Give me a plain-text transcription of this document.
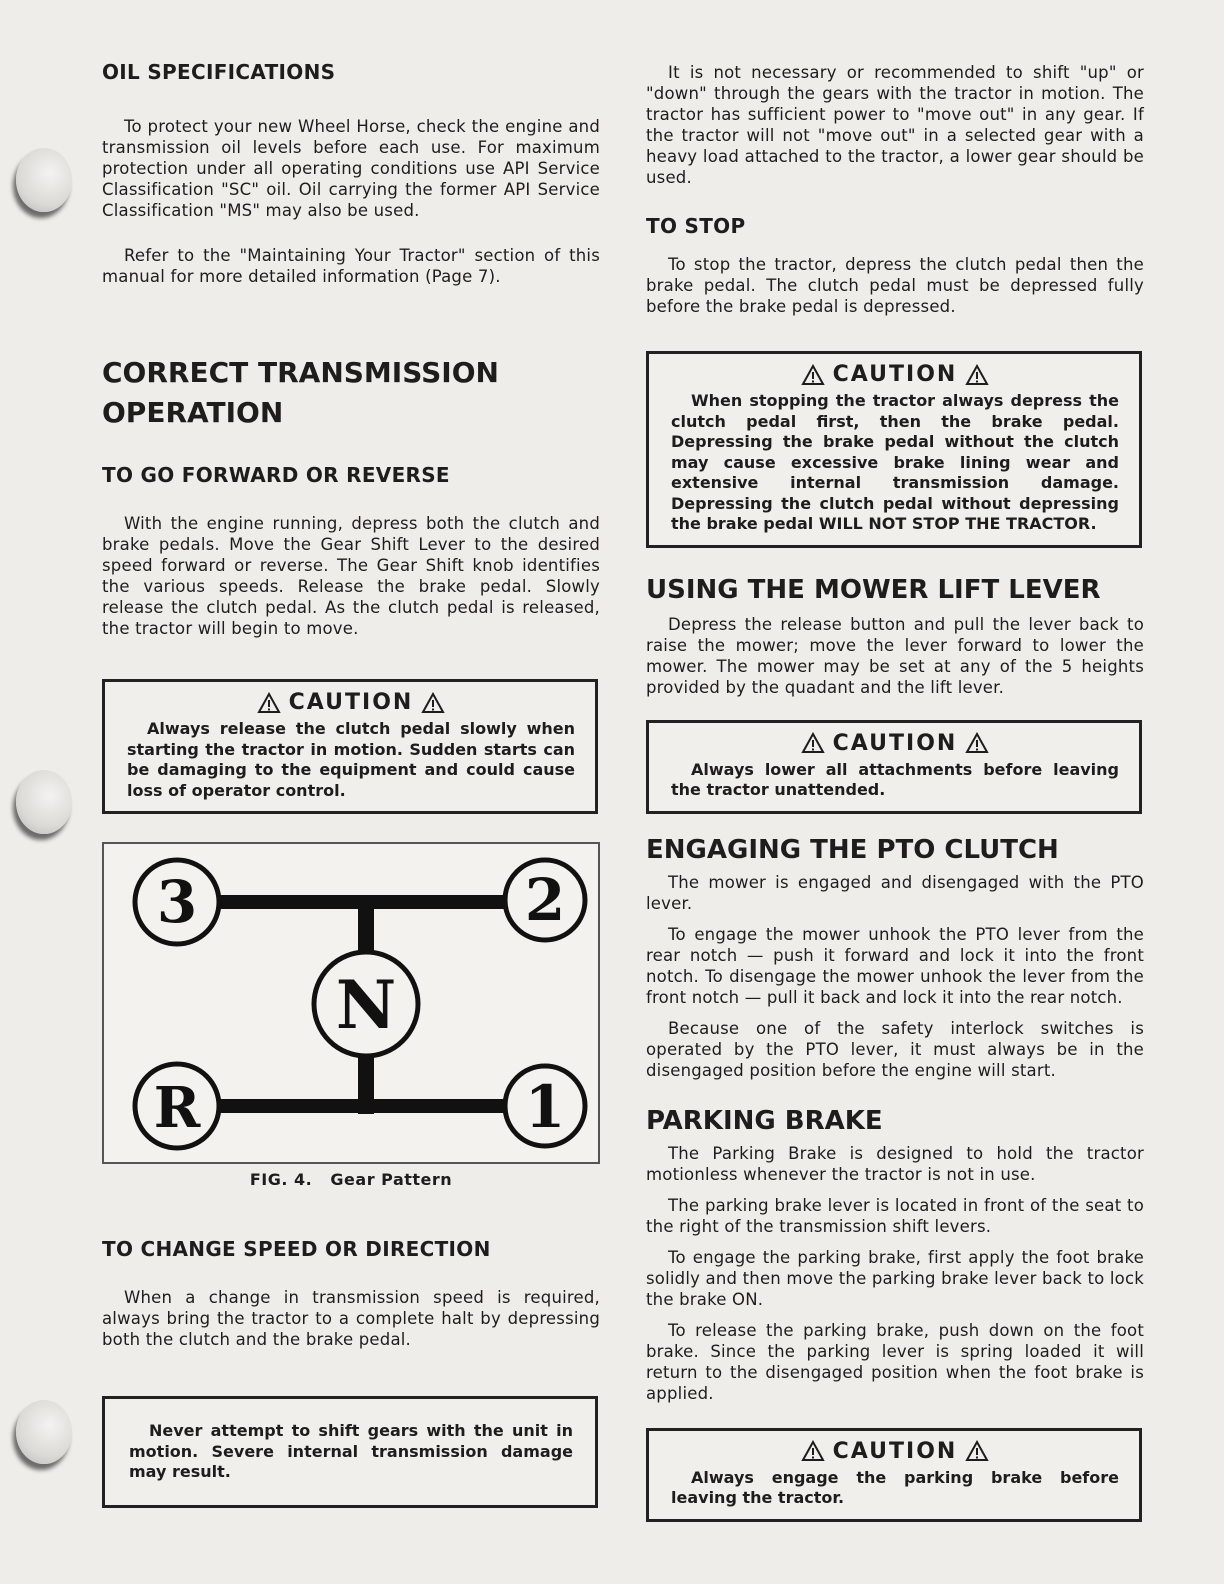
OIL SPECIFICATIONS

To protect your new Wheel Horse, check the engine and transmission oil levels before each use. For maximum protection under all operating conditions use API Service Classification "SC" oil. Oil carrying the former API Service Classification "MS" may also be used.

Refer to the "Maintaining Your Tractor" section of this manual for more detailed information (Page 7).

CORRECT TRANSMISSION
OPERATION
TO GO FORWARD OR REVERSE

With the engine running, depress both the clutch and brake pedals. Move the Gear Shift Lever to the desired speed forward or reverse. The Gear Shift knob identifies the various speeds. Release the brake pedal. Slowly release the clutch pedal. As the clutch pedal is released, the tractor will begin to move.

CAUTION
Always release the clutch pedal slowly when starting the tractor in motion. Sudden starts can be damaging to the equipment and could cause loss of operator control.
3	2
N
R	1
FIG. 4. Gear Pattern
TO CHANGE SPEED OR DIRECTION

When a change in transmission speed is required, always bring the tractor to a complete halt by depressing both the clutch and the brake pedal.

Never attempt to shift gears with the unit in motion. Severe internal transmission damage may result.

It is not necessary or recommended to shift "up" or "down" through the gears with the tractor in motion. The tractor has sufficient power to "move out" in any gear. If the tractor will not "move out" in a selected gear with a heavy load attached to the tractor, a lower gear should be used.

TO STOP

To stop the tractor, depress the clutch pedal then the brake pedal. The clutch pedal must be depressed fully before the brake pedal is depressed.

CAUTION
When stopping the tractor always depress the clutch pedal first, then the brake pedal. Depressing the brake pedal without the clutch may cause excessive brake lining wear and extensive internal transmission damage. Depressing the clutch pedal without depressing the brake pedal WILL NOT STOP THE TRACTOR.
USING THE MOWER LIFT LEVER

Depress the release button and pull the lever back to raise the mower; move the lever forward to lower the mower. The mower may be set at any of the 5 heights provided by the quadant and the lift lever.

CAUTION
Always lower all attachments before leaving the tractor unattended.
ENGAGING THE PTO CLUTCH

The mower is engaged and disengaged with the PTO lever.

To engage the mower unhook the PTO lever from the rear notch — push it forward and lock it into the front notch. To disengage the mower unhook the lever from the front notch — pull it back and lock it into the rear notch.

Because one of the safety interlock switches is operated by the PTO lever, it must always be in the disengaged position before the engine will start.

PARKING BRAKE

The Parking Brake is designed to hold the tractor motionless whenever the tractor is not in use.

The parking brake lever is located in front of the seat to the right of the transmission shift levers.

To engage the parking brake, first apply the foot brake solidly and then move the parking brake lever back to lock the brake ON.

To release the parking brake, push down on the foot brake. Since the parking lever is spring loaded it will return to the disengaged position when the foot brake is applied.

CAUTION
Always engage the parking brake before leaving the tractor.
